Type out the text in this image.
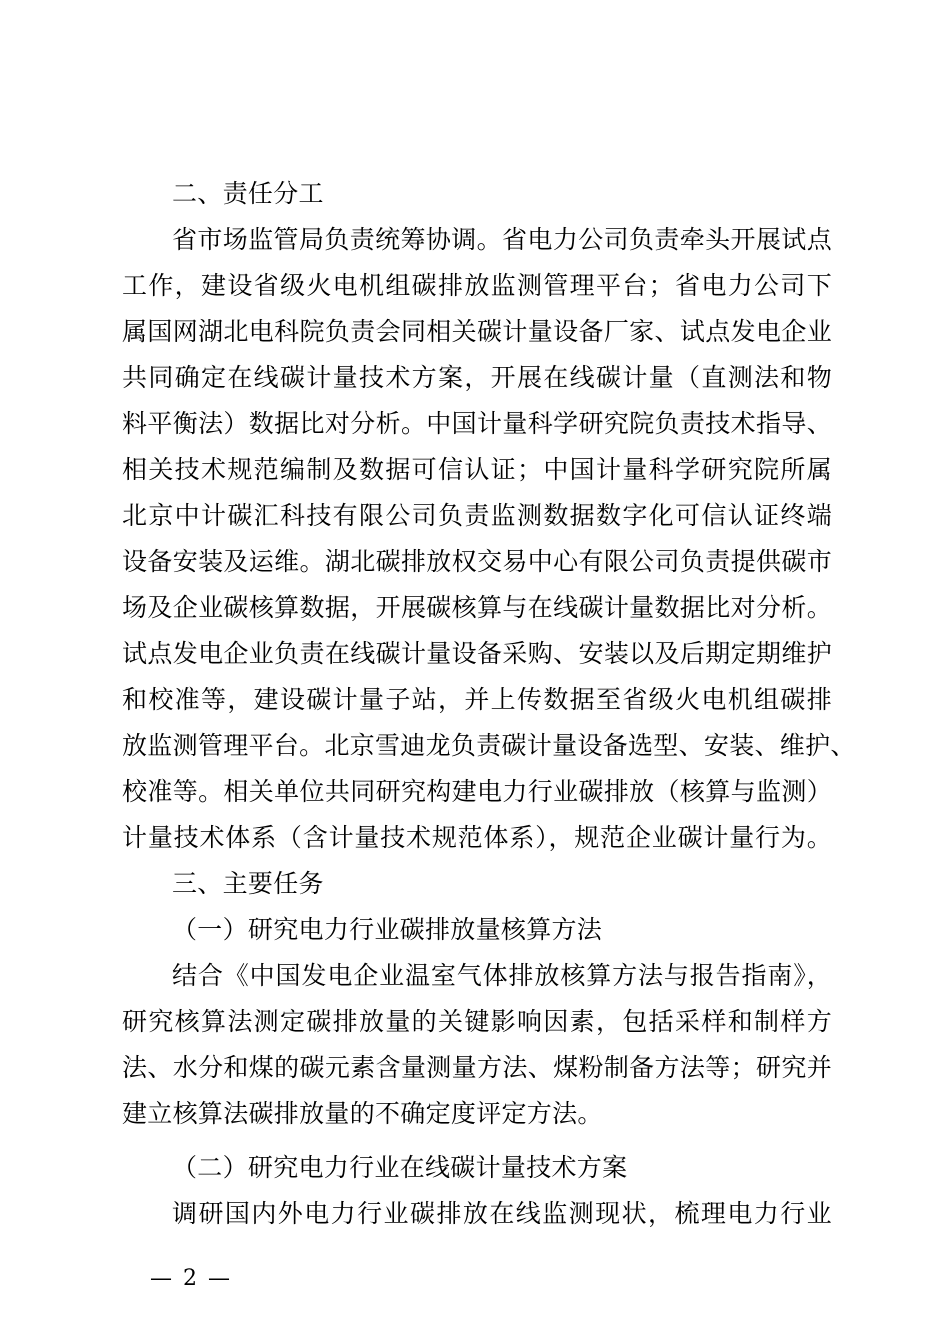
二、责任分工
省市场监管局负责统筹协调。省电力公司负责牵头开展试点
工作，建设省级火电机组碳排放监测管理平台；省电力公司下
属国网湖北电科院负责会同相关碳计量设备厂家、试点发电企业
共同确定在线碳计量技术方案，开展在线碳计量（直测法和物
料平衡法）数据比对分析。中国计量科学研究院负责技术指导、
相关技术规范编制及数据可信认证；中国计量科学研究院所属
北京中计碳汇科技有限公司负责监测数据数字化可信认证终端
设备安装及运维。湖北碳排放权交易中心有限公司负责提供碳市
场及企业碳核算数据，开展碳核算与在线碳计量数据比对分析。
试点发电企业负责在线碳计量设备采购、安装以及后期定期维护
和校准等，建设碳计量子站，并上传数据至省级火电机组碳排
放监测管理平台。北京雪迪龙负责碳计量设备选型、安装、维护、
校准等。相关单位共同研究构建电力行业碳排放（核算与监测）
计量技术体系（含计量技术规范体系），规范企业碳计量行为。
三、主要任务
（一）研究电力行业碳排放量核算方法
结合《中国发电企业温室气体排放核算方法与报告指南》，
研究核算法测定碳排放量的关键影响因素，包括采样和制样方
法、水分和煤的碳元素含量测量方法、煤粉制备方法等；研究并
建立核算法碳排放量的不确定度评定方法。
（二）研究电力行业在线碳计量技术方案
调研国内外电力行业碳排放在线监测现状，梳理电力行业
— 2 —
